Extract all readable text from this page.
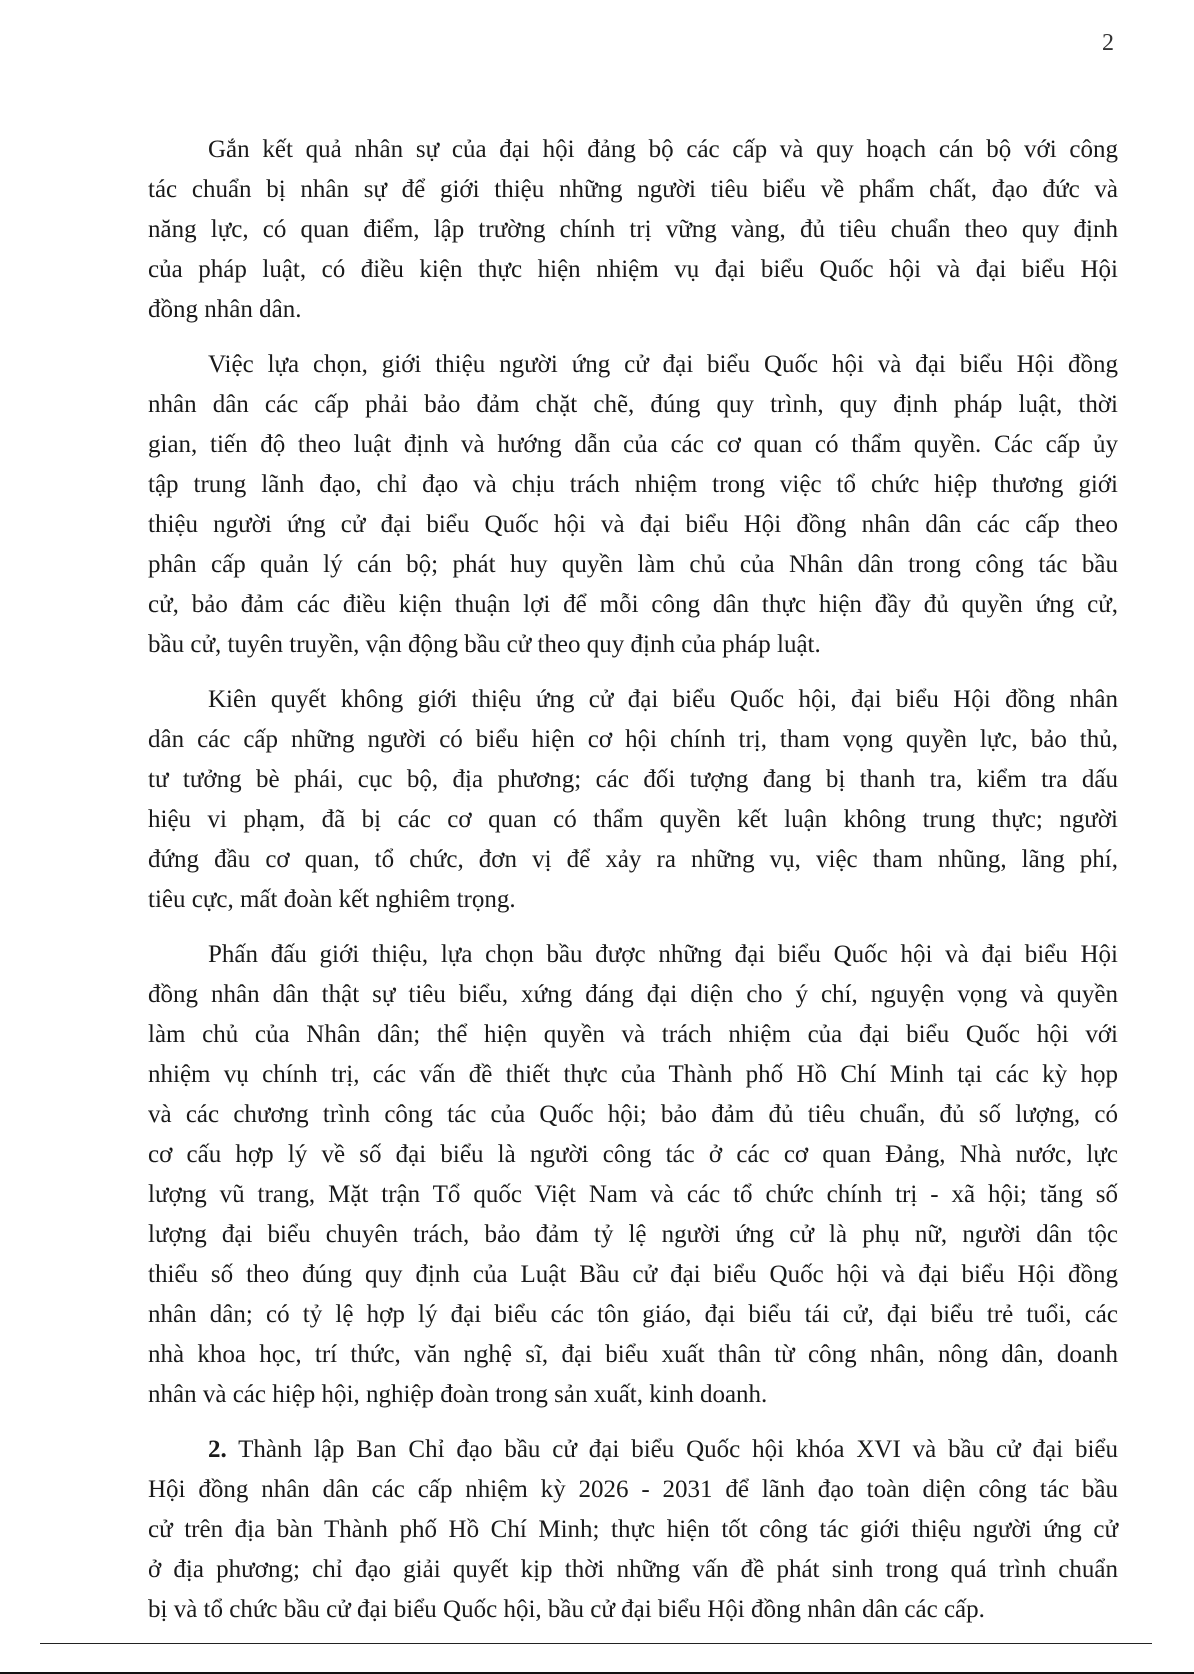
2
Gắn kết quả nhân sự của đại hội đảng bộ các cấp và quy hoạch cán bộ với công
tác chuẩn bị nhân sự để giới thiệu những người tiêu biểu về phẩm chất, đạo đức và
năng lực, có quan điểm, lập trường chính trị vững vàng, đủ tiêu chuẩn theo quy định
của pháp luật, có điều kiện thực hiện nhiệm vụ đại biểu Quốc hội và đại biểu Hội
đồng nhân dân.
Việc lựa chọn, giới thiệu người ứng cử đại biểu Quốc hội và đại biểu Hội đồng
nhân dân các cấp phải bảo đảm chặt chẽ, đúng quy trình, quy định pháp luật, thời
gian, tiến độ theo luật định và hướng dẫn của các cơ quan có thẩm quyền. Các cấp ủy
tập trung lãnh đạo, chỉ đạo và chịu trách nhiệm trong việc tổ chức hiệp thương giới
thiệu người ứng cử đại biểu Quốc hội và đại biểu Hội đồng nhân dân các cấp theo
phân cấp quản lý cán bộ; phát huy quyền làm chủ của Nhân dân trong công tác bầu
cử, bảo đảm các điều kiện thuận lợi để mỗi công dân thực hiện đầy đủ quyền ứng cử,
bầu cử, tuyên truyền, vận động bầu cử theo quy định của pháp luật.
Kiên quyết không giới thiệu ứng cử đại biểu Quốc hội, đại biểu Hội đồng nhân
dân các cấp những người có biểu hiện cơ hội chính trị, tham vọng quyền lực, bảo thủ,
tư tưởng bè phái, cục bộ, địa phương; các đối tượng đang bị thanh tra, kiểm tra dấu
hiệu vi phạm, đã bị các cơ quan có thẩm quyền kết luận không trung thực; người
đứng đầu cơ quan, tổ chức, đơn vị để xảy ra những vụ, việc tham nhũng, lãng phí,
tiêu cực, mất đoàn kết nghiêm trọng.
Phấn đấu giới thiệu, lựa chọn bầu được những đại biểu Quốc hội và đại biểu Hội
đồng nhân dân thật sự tiêu biểu, xứng đáng đại diện cho ý chí, nguyện vọng và quyền
làm chủ của Nhân dân; thể hiện quyền và trách nhiệm của đại biểu Quốc hội với
nhiệm vụ chính trị, các vấn đề thiết thực của Thành phố Hồ Chí Minh tại các kỳ họp
và các chương trình công tác của Quốc hội; bảo đảm đủ tiêu chuẩn, đủ số lượng, có
cơ cấu hợp lý về số đại biểu là người công tác ở các cơ quan Đảng, Nhà nước, lực
lượng vũ trang, Mặt trận Tổ quốc Việt Nam và các tổ chức chính trị - xã hội; tăng số
lượng đại biểu chuyên trách, bảo đảm tỷ lệ người ứng cử là phụ nữ, người dân tộc
thiểu số theo đúng quy định của Luật Bầu cử đại biểu Quốc hội và đại biểu Hội đồng
nhân dân; có tỷ lệ hợp lý đại biểu các tôn giáo, đại biểu tái cử, đại biểu trẻ tuổi, các
nhà khoa học, trí thức, văn nghệ sĩ, đại biểu xuất thân từ công nhân, nông dân, doanh
nhân và các hiệp hội, nghiệp đoàn trong sản xuất, kinh doanh.
2. Thành lập Ban Chỉ đạo bầu cử đại biểu Quốc hội khóa XVI và bầu cử đại biểu
Hội đồng nhân dân các cấp nhiệm kỳ 2026 - 2031 để lãnh đạo toàn diện công tác bầu
cử trên địa bàn Thành phố Hồ Chí Minh; thực hiện tốt công tác giới thiệu người ứng cử
ở địa phương; chỉ đạo giải quyết kịp thời những vấn đề phát sinh trong quá trình chuẩn
bị và tổ chức bầu cử đại biểu Quốc hội, bầu cử đại biểu Hội đồng nhân dân các cấp.
